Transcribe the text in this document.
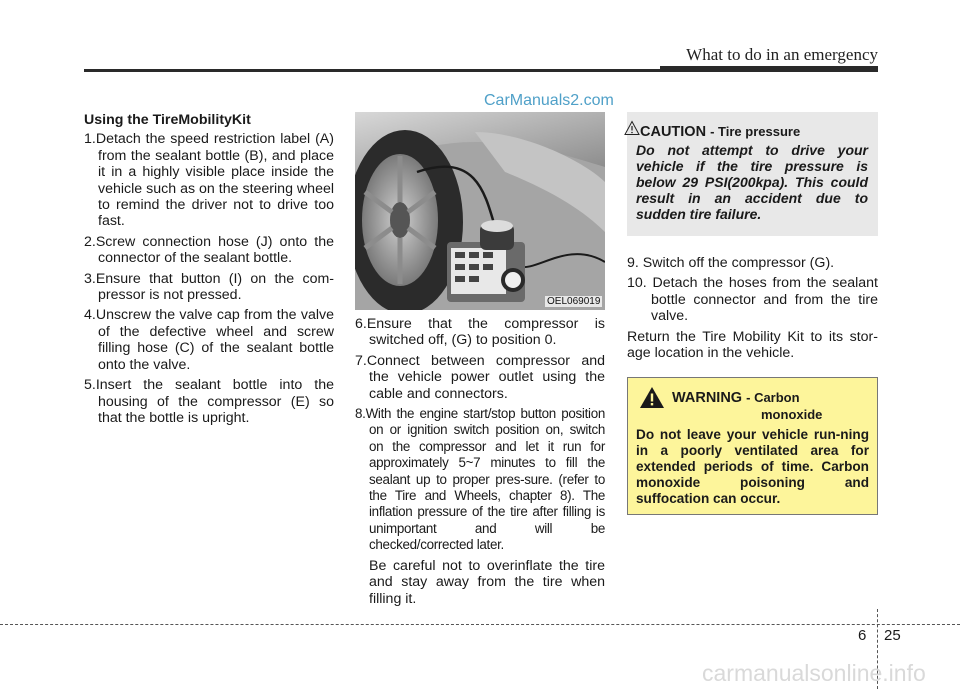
What to do in an emergency
CarManuals2.com
Using the TireMobilityKit
1.Detach the speed restriction label (A) from the sealant bottle (B), and place it in a highly visible place inside the vehicle such as on the steering wheel to remind the driver not to drive too fast.
2.Screw connection hose (J) onto the connector of the sealant bottle.
3.Ensure that button (I) on the com-pressor is not pressed.
4.Unscrew the valve cap from the valve of the defective wheel and screw filling hose (C) of the sealant bottle onto the valve.
5.Insert the sealant bottle into the housing of the compressor (E) so that the bottle is upright.
OEL069019
6.Ensure that the compressor is switched off, (G) to position 0.
7.Connect between compressor and the vehicle power outlet using the cable and connectors.
8.With the engine start/stop button position on or ignition switch position on, switch on the compressor and let it run for approximately 5~7 minutes to fill the sealant up to proper pres-sure. (refer to the Tire and Wheels, chapter 8). The inflation pressure of the tire after filling is unimportant and will be checked/corrected later.
Be careful not to overinflate the tire and stay away from the tire when filling it.
CAUTION - Tire pressure
Do not attempt to drive your vehicle if the tire pressure is below 29 PSI(200kpa). This could result in an accident due to sudden tire failure.
9. Switch off the compressor (G).
10. Detach the hoses from the sealant bottle connector and from the tire valve.
Return the Tire Mobility Kit to its stor-age location in the vehicle.
WARNING - Carbon
monoxide
Do not leave your vehicle run-ning in a poorly ventilated area for extended periods of time. Carbon monoxide poisoning and suffocation can occur.
6 25
carmanualsonline.info
